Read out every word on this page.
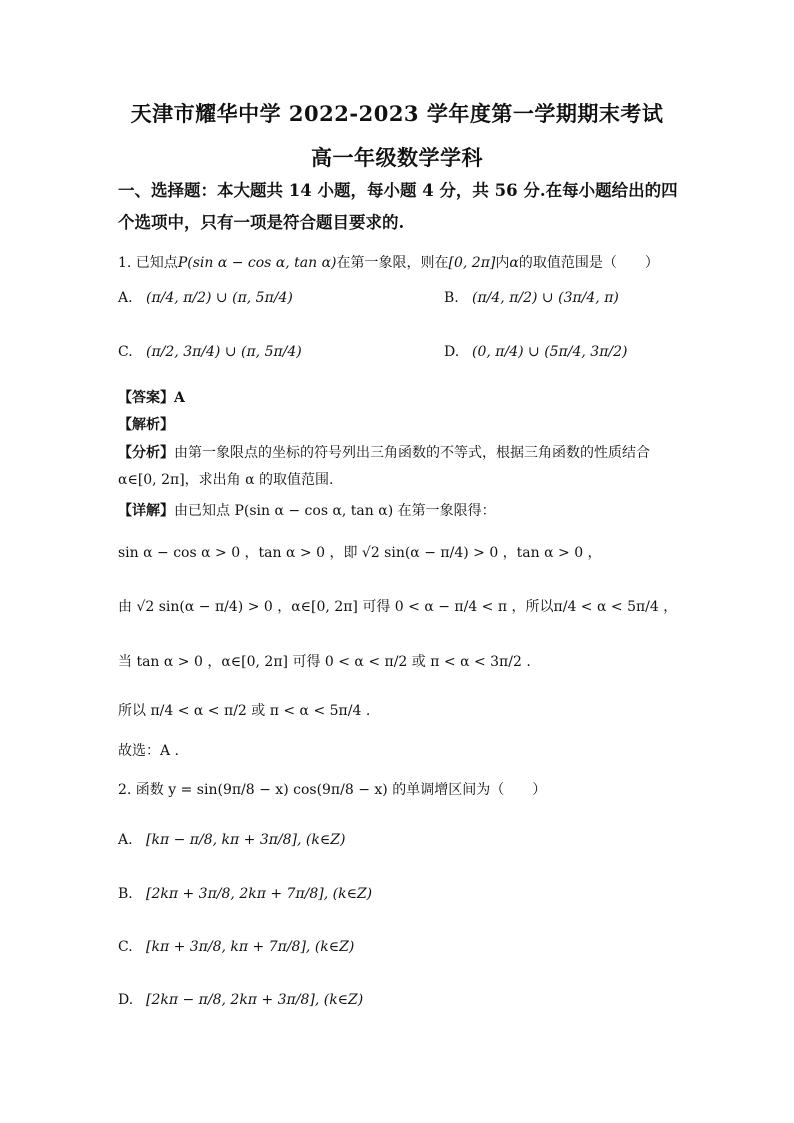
天津市耀华中学 2022-2023 学年度第一学期期末考试
高一年级数学学科
一、选择题：本大题共 14 小题，每小题 4 分，共 56 分.在每小题给出的四个选项中，只有一项是符合题目要求的.
1. 已知点P(sin α − cos α, tan α)在第一象限，则在[0, 2π]内α的取值范围是（　　）
A. (π/4, π/2) ∪ (π, 5π/4)	B. (π/4, π/2) ∪ (3π/4, π)
C. (π/2, 3π/4) ∪ (π, 5π/4)	D. (0, π/4) ∪ (5π/4, 3π/2)
【答案】A
【解析】
【分析】由第一象限点的坐标的符号列出三角函数的不等式，根据三角函数的性质结合
α∈[0, 2π]，求出角 α 的取值范围.
【详解】由已知点 P(sin α − cos α, tan α) 在第一象限得：
sin α − cos α > 0 ，tan α > 0 ，即 √2 sin(α − π/4) > 0 ，tan α > 0 ，
由 √2 sin(α − π/4) > 0 ，α∈[0, 2π] 可得 0 < α − π/4 < π ，所以π/4 < α < 5π/4 ，
当 tan α > 0 ，α∈[0, 2π] 可得 0 < α < π/2 或 π < α < 3π/2 .
所以 π/4 < α < π/2 或 π < α < 5π/4 .
故选：A .
2. 函数 y = sin(9π/8 − x) cos(9π/8 − x) 的单调增区间为（　　）
A. [kπ − π/8, kπ + 3π/8], (k∈Z)
B. [2kπ + 3π/8, 2kπ + 7π/8], (k∈Z)
C. [kπ + 3π/8, kπ + 7π/8], (k∈Z)
D. [2kπ − π/8, 2kπ + 3π/8], (k∈Z)
